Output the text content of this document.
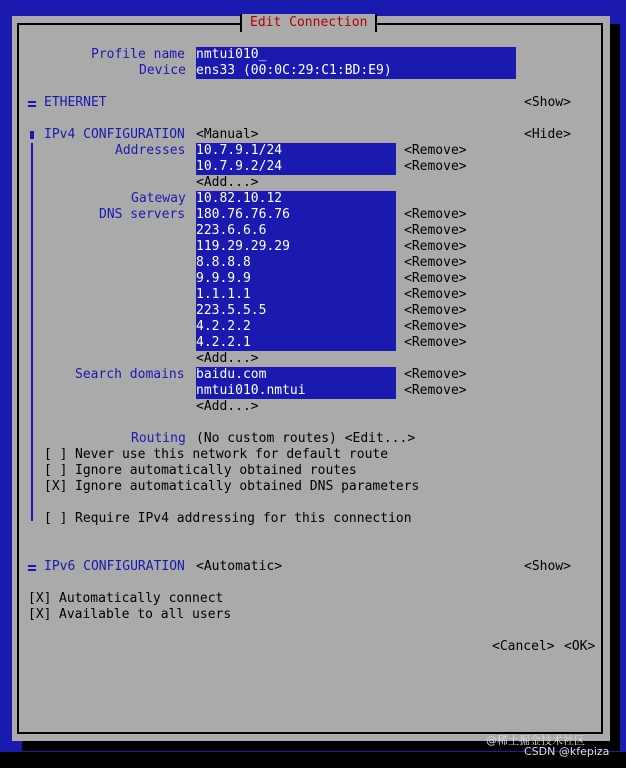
Edit Connection
Profile name nmtui010_
Device ens33 (00:0C:29:C1:BD:E9)
ETHERNET	<Show>
IPv4 CONFIGURATION <Manual>	<Hide>
Addresses 10.7.9.1/24	<Remove>
10.7.9.2/24	<Remove>
<Add...>
Gateway 10.82.10.12
DNS servers 180.76.76.76	<Remove>
223.6.6.6	<Remove>
119.29.29.29	<Remove>
8.8.8.8	<Remove>
9.9.9.9	<Remove>
1.1.1.1	<Remove>
223.5.5.5	<Remove>
4.2.2.2	<Remove>
4.2.2.1	<Remove>
<Add...>
Search domains baidu.com	<Remove>
nmtui010.nmtui	<Remove>
<Add...>
Routing (No custom routes) <Edit...>
[ ] Never use this network for default route
[ ] Ignore automatically obtained routes
[X] Ignore automatically obtained DNS parameters
[ ] Require IPv4 addressing for this connection
IPv6 CONFIGURATION <Automatic>	<Show>
[X] Automatically connect
[X] Available to all users
<Cancel> <OK>
@稀土掘金技术社区
CSDN @kfepiza
